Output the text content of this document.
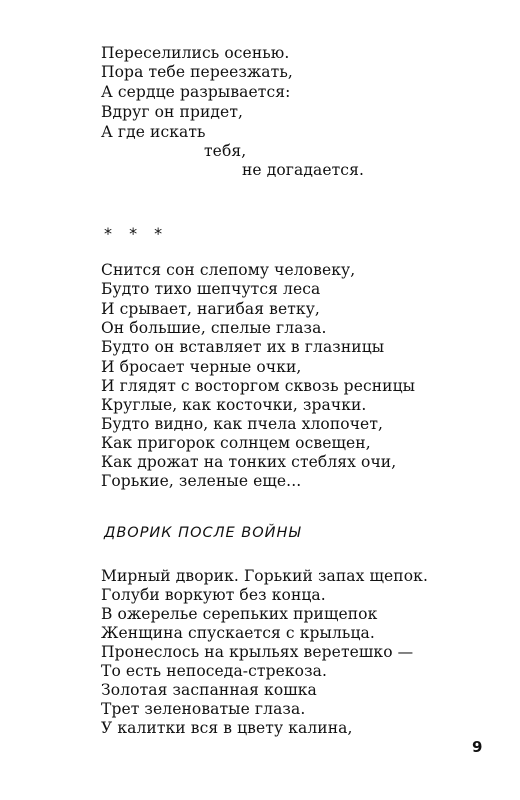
Переселились осенью.
Пора тебе переезжать,
А сердце разрывается:
Вдруг он придет,
А где искать
тебя,
не догадается.
* * *
Снится сон слепому человеку,
Будто тихо шепчутся леса
И срывает, нагибая ветку,
Он большие, спелые глаза.
Будто он вставляет их в глазницы
И бросает черные очки,
И глядят с восторгом сквозь ресницы
Круглые, как косточки, зрачки.
Будто видно, как пчела хлопочет,
Как пригорок солнцем освещен,
Как дрожат на тонких стеблях очи,
Горькие, зеленые еще...
ДВОРИК ПОСЛЕ ВОЙНЫ
Мирный дворик. Горький запах щепок.
Голуби воркуют без конца.
В ожерелье серепьких прищепок
Женщина спускается с крыльца.
Пронеслось на крыльях веретешко —
То есть непоседа-стрекоза.
Золотая заспанная кошка
Трет зеленоватые глаза.
У калитки вся в цвету калина,
9
